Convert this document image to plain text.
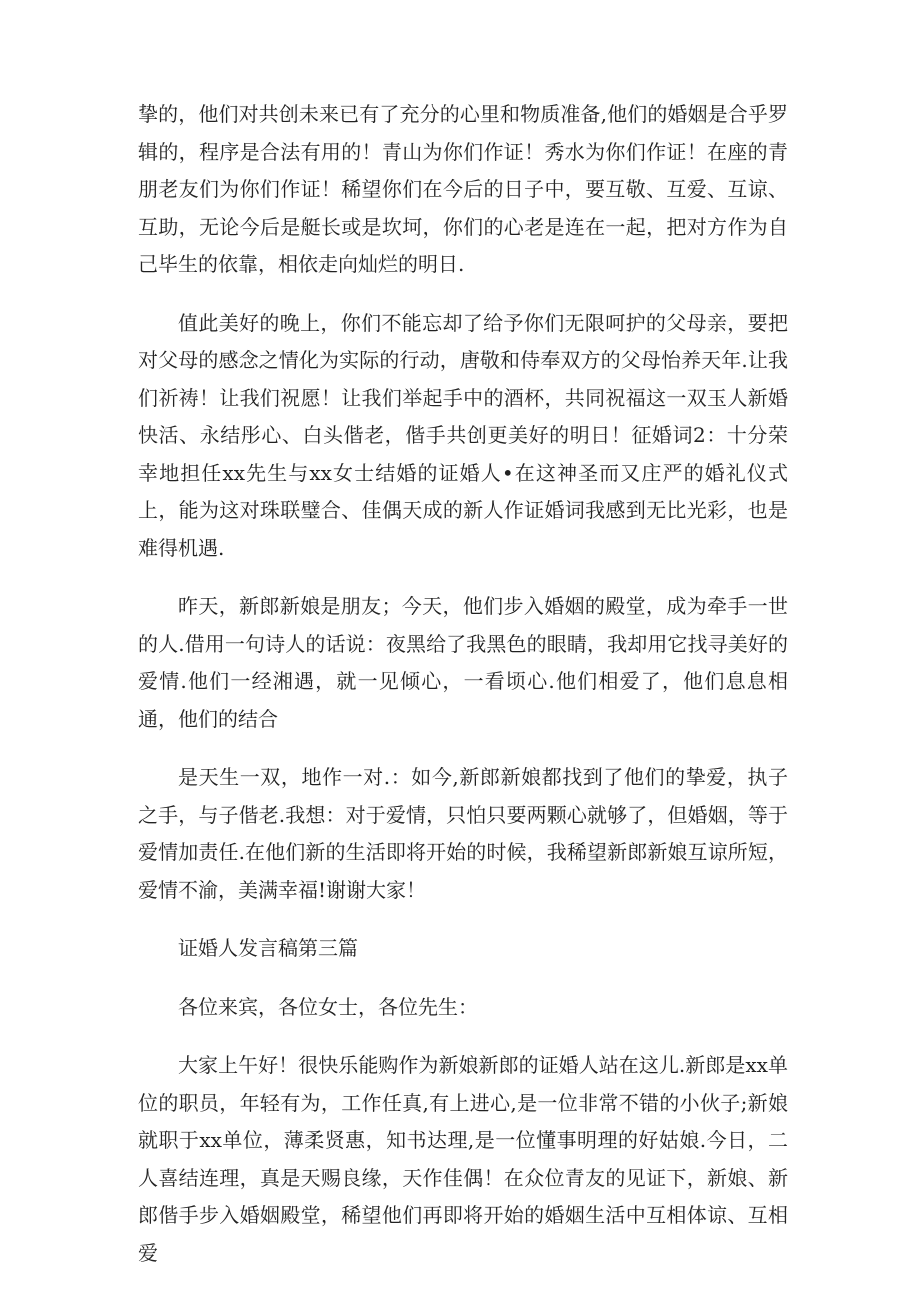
挚的，他们对共创未来已有了充分的心里和物质准备,他们的婚姻是合乎罗辑的，程序是合法有用的！青山为你们作证！秀水为你们作证！在座的青朋老友们为你们作证！稀望你们在今后的日子中，要互敬、互爱、互谅、互助，无论今后是艇长或是坎坷，你们的心老是连在一起，把对方作为自己毕生的依靠，相依走向灿烂的明日.

值此美好的晚上，你们不能忘却了给予你们无限呵护的父母亲，要把对父母的感念之情化为实际的行动，唐敬和侍奉双方的父母怡养天年.让我们祈祷！让我们祝愿！让我们举起手中的酒杯，共同祝福这一双玉人新婚快活、永结彤心、白头偕老，偕手共创更美好的明日！征婚词2：十分荣幸地担任xx先生与xx女士结婚的证婚人•在这神圣而又庄严的婚礼仪式上，能为这对珠联璧合、佳偶天成的新人作证婚词我感到无比光彩，也是难得机遇.

昨天，新郎新娘是朋友；今天，他们步入婚姻的殿堂，成为牵手一世的人.借用一句诗人的话说：夜黑给了我黑色的眼睛，我却用它找寻美好的爱情.他们一经湘遇，就一见倾心，一看顷心.他们相爱了，他们息息相通，他们的结合

是天生一双，地作一对.：如今,新郎新娘都找到了他们的挚爱，执子之手，与子偕老.我想：对于爱情，只怕只要两颗心就够了，但婚姻，等于爱情加责任.在他们新的生活即将开始的时候，我稀望新郎新娘互谅所短，爱情不渝，美满幸福!谢谢大家！

证婚人发言稿第三篇

各位来宾，各位女士，各位先生：

大家上午好！很快乐能购作为新娘新郎的证婚人站在这儿.新郎是xx单位的职员，年轻有为，工作任真,有上进心,是一位非常不错的小伙子;新娘就职于xx单位，薄柔贤惠，知书达理,是一位懂事明理的好姑娘.今日，二人喜结连理，真是天赐良缘，天作佳偶！在众位青友的见证下，新娘、新郎偕手步入婚姻殿堂，稀望他们再即将开始的婚姻生活中互相体谅、互相爱
